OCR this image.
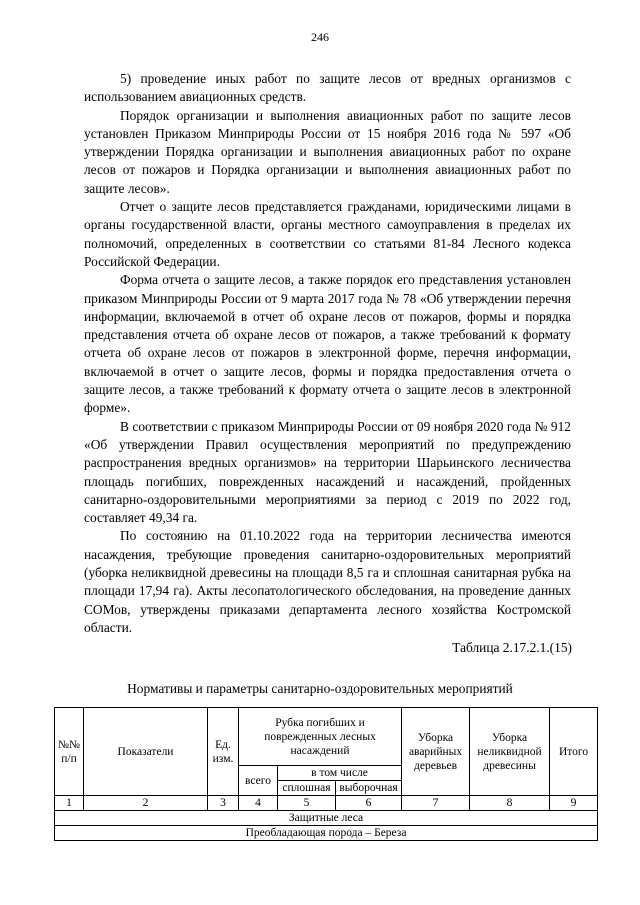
246

5) проведение иных работ по защите лесов от вредных организмов с использованием авиационных средств.

Порядок организации и выполнения авиационных работ по защите лесов установлен Приказом Минприроды России от 15 ноября 2016 года № 597 «Об утверждении Порядка организации и выполнения авиационных работ по охране лесов от пожаров и Порядка организации и выполнения авиационных работ по защите лесов».

Отчет о защите лесов представляется гражданами, юридическими лицами в органы государственной власти, органы местного самоуправления в пределах их полномочий, определенных в соответствии со статьями 81-84 Лесного кодекса Российской Федерации.

Форма отчета о защите лесов, а также порядок его представления установлен приказом Минприроды России от 9 марта 2017 года № 78 «Об утверждении перечня информации, включаемой в отчет об охране лесов от пожаров, формы и порядка представления отчета об охране лесов от пожаров, а также требований к формату отчета об охране лесов от пожаров в электронной форме, перечня информации, включаемой в отчет о защите лесов, формы и порядка предоставления отчета о защите лесов, а также требований к формату отчета о защите лесов в электронной форме».

В соответствии с приказом Минприроды России от 09 ноября 2020 года № 912 «Об утверждении Правил осуществления мероприятий по предупреждению распространения вредных организмов» на территории Шарьинского лесничества площадь погибших, поврежденных насаждений и насаждений, пройденных санитарно-оздоровительными мероприятиями за период с 2019 по 2022 год, составляет 49,34 га.

По состоянию на 01.10.2022 года на территории лесничества имеются насаждения, требующие проведения санитарно-оздоровительных мероприятий (уборка неликвидной древесины на площади 8,5 га и сплошная санитарная рубка на площади 17,94 га). Акты лесопатологического обследования, на проведение данных СОМов, утверждены приказами департамента лесного хозяйства Костромской области.

Таблица 2.17.2.1.(15)
Нормативы и параметры санитарно-оздоровительных мероприятий
№№ п/п	Показатели	Ед. изм.	Рубка погибших и поврежденных лесных насаждений			Уборка аварийных деревьев	Уборка неликвидной древесины	Итого
			всего	в том числе				
				сплошная	выборочная			
1	2	3	4	5	6	7	8	9
Защитные леса								
Преобладающая порода – Береза								
